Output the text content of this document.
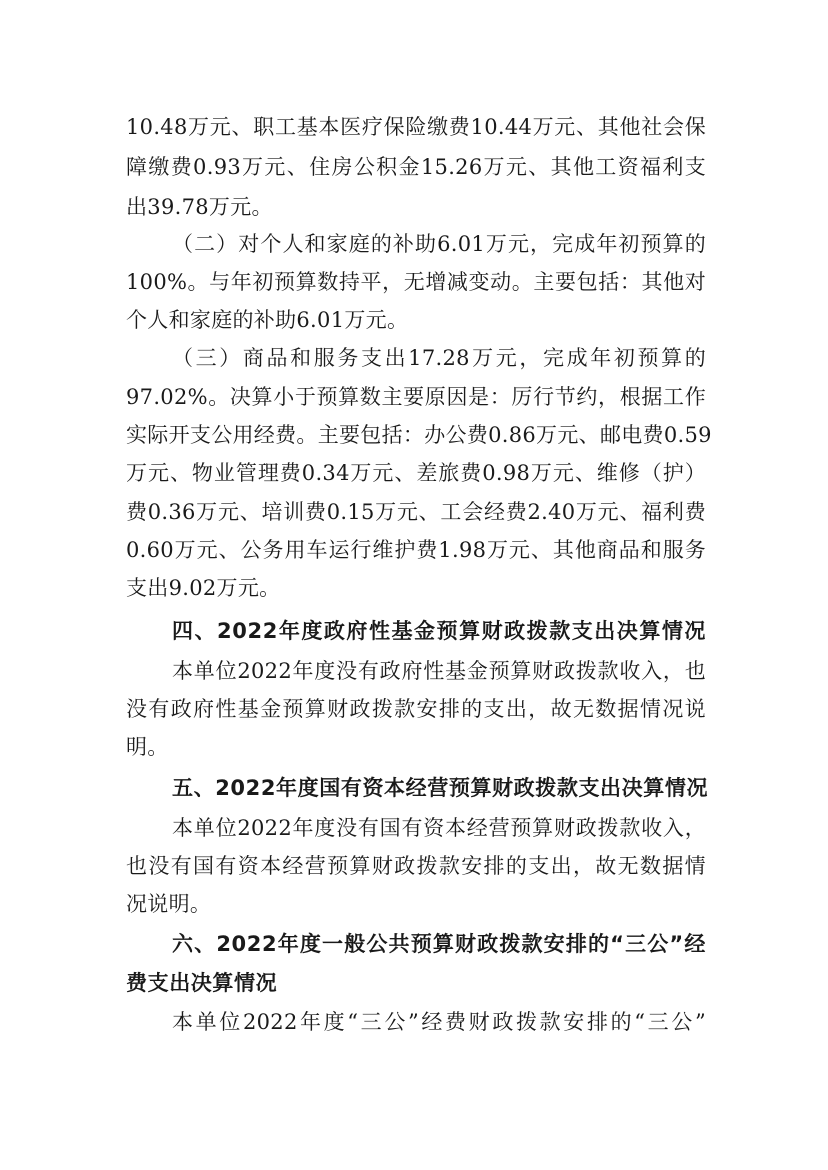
10.48万元、职工基本医疗保险缴费10.44万元、其他社会保
障缴费0.93万元、住房公积金15.26万元、其他工资福利支
出39.78万元。
（二）对个人和家庭的补助6.01万元，完成年初预算的
100%。与年初预算数持平，无增减变动。主要包括：其他对
个人和家庭的补助6.01万元。
（三）商品和服务支出17.28万元，完成年初预算的
97.02%。决算小于预算数主要原因是：厉行节约，根据工作
实际开支公用经费。主要包括：办公费0.86万元、邮电费0.59
万元、物业管理费0.34万元、差旅费0.98万元、维修（护）
费0.36万元、培训费0.15万元、工会经费2.40万元、福利费
0.60万元、公务用车运行维护费1.98万元、其他商品和服务
支出9.02万元。
四、2022年度政府性基金预算财政拨款支出决算情况
本单位2022年度没有政府性基金预算财政拨款收入，也
没有政府性基金预算财政拨款安排的支出，故无数据情况说
明。
五、2022年度国有资本经营预算财政拨款支出决算情况
本单位2022年度没有国有资本经营预算财政拨款收入，
也没有国有资本经营预算财政拨款安排的支出，故无数据情
况说明。
六、2022年度一般公共预算财政拨款安排的“三公”经
费支出决算情况
本单位2022年度“三公”经费财政拨款安排的“三公”
